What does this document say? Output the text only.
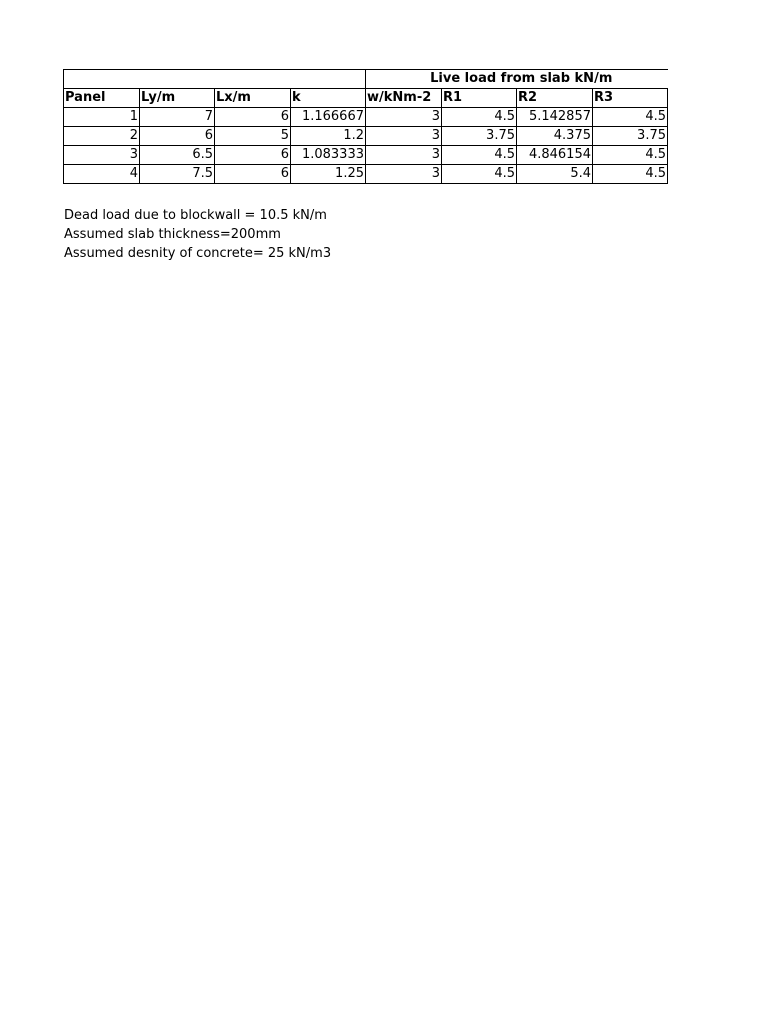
				Live load from slab kN/m			
Panel	Ly/m	Lx/m	k	w/kNm-2	R1	R2	R3
1	7	6	1.166667	3	4.5	5.142857	4.5
2	6	5	1.2	3	3.75	4.375	3.75
3	6.5	6	1.083333	3	4.5	4.846154	4.5
4	7.5	6	1.25	3	4.5	5.4	4.5
Dead load due to blockwall = 10.5 kN/m
Assumed slab thickness=200mm
Assumed desnity of concrete= 25 kN/m3
